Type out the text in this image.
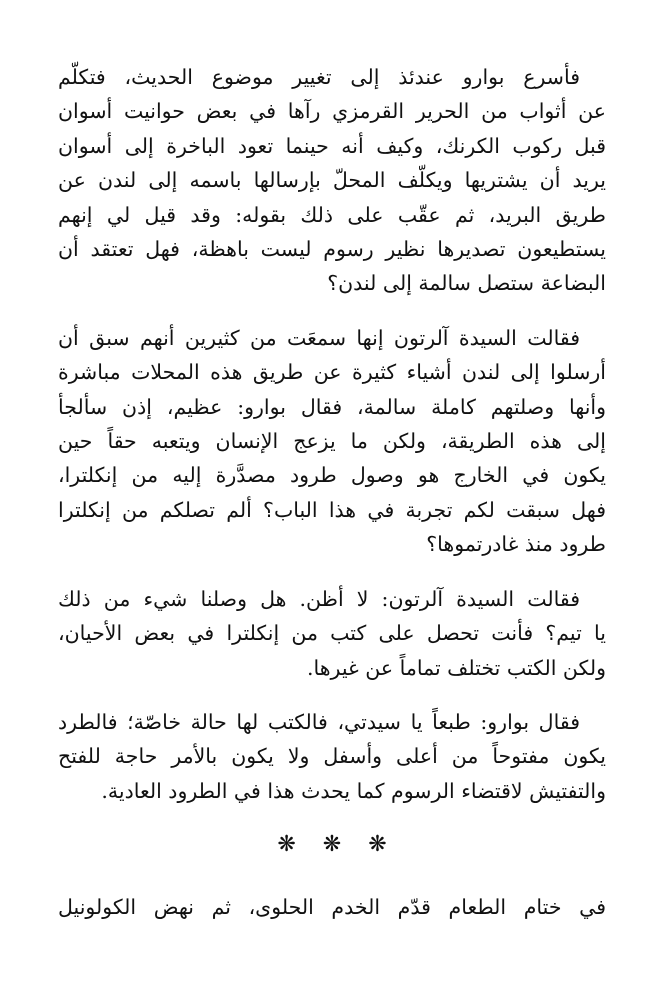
فأسرع بوارو عندئذ إلى تغيير موضوع الحديث، فتكلّم
عن أثواب من الحرير القرمزي رآها في بعض حوانيت أسوان
قبل ركوب الكرنك، وكيف أنه حينما تعود الباخرة إلى أسوان
يريد أن يشتريها ويكلّف المحلّ بإرسالها باسمه إلى لندن عن
طريق البريد، ثم عقّب على ذلك بقوله: وقد قيل لي إنهم
يستطيعون تصديرها نظير رسوم ليست باهظة، فهل تعتقد أن
البضاعة ستصل سالمة إلى لندن؟
فقالت السيدة آلرتون إنها سمعَت من كثيرين أنهم سبق أن
أرسلوا إلى لندن أشياء كثيرة عن طريق هذه المحلات مباشرة
وأنها وصلتهم كاملة سالمة، فقال بوارو: عظيم، إذن سألجأ
إلى هذه الطريقة، ولكن ما يزعج الإنسان ويتعبه حقاً حين
يكون في الخارج هو وصول طرود مصدَّرة إليه من إنكلترا،
فهل سبقت لكم تجربة في هذا الباب؟ ألم تصلكم من إنكلترا
طرود منذ غادرتموها؟
فقالت السيدة آلرتون: لا أظن. هل وصلنا شيء من ذلك
يا تيم؟ فأنت تحصل على كتب من إنكلترا في بعض الأحيان،
ولكن الكتب تختلف تماماً عن غيرها.
فقال بوارو: طبعاً يا سيدتي، فالكتب لها حالة خاصّة؛ فالطرد
يكون مفتوحاً من أعلى وأسفل ولا يكون بالأمر حاجة للفتح
والتفتيش لاقتضاء الرسوم كما يحدث هذا في الطرود العادية.
❋ ❋ ❋
في ختام الطعام قدّم الخدم الحلوى، ثم نهض الكولونيل
